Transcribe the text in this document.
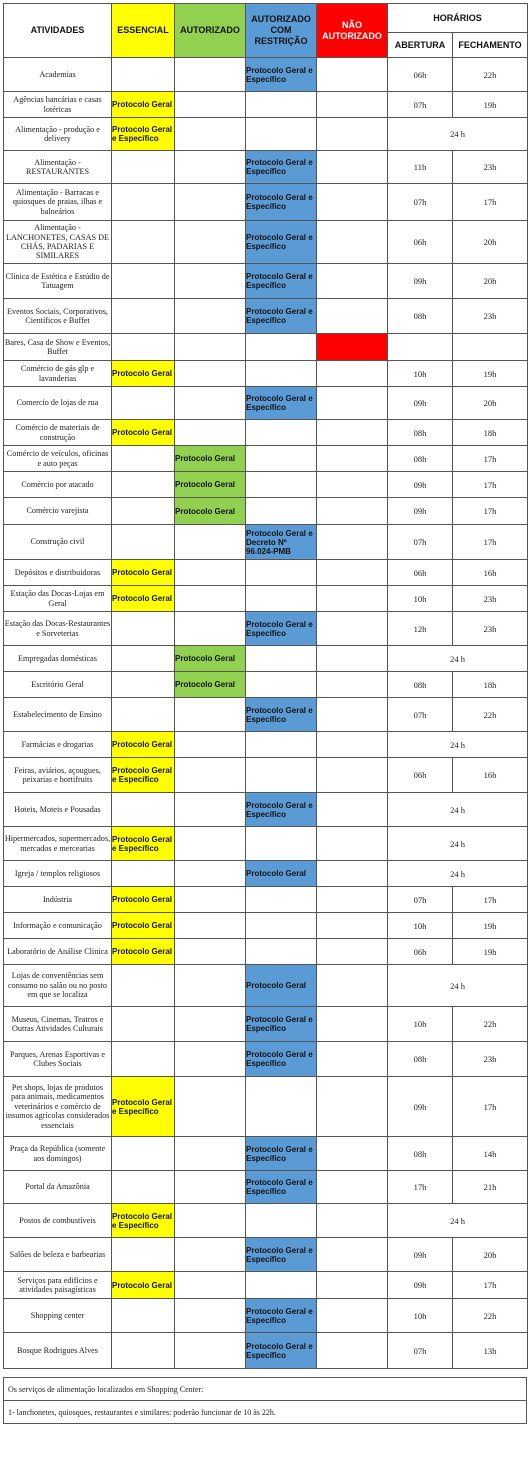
ATIVIDADES	ESSENCIAL	AUTORIZADO	AUTORIZADO COM RESTRIÇÃO	NÃO AUTORIZADO	HORÁRIOS	
					ABERTURA	FECHAMENTO
Academias			Protocolo Geral e Específico		06h	22h
Agências bancárias e casas lotéricas	Protocolo Geral				07h	19h
Alimentação - produção e delivery	Protocolo Geral e Específico				24 h	
Alimentação - RESTAURANTES			Protocolo Geral e Específico		11h	23h
Alimentação - Barracas e quiosques de praias, ilhas e balneários			Protocolo Geral e Específico		07h	17h
Alimentação - LANCHONETES, CASAS DE CHÁS, PADARIAS E SIMILARES			Protocolo Geral e Específico		06h	20h
Clínica de Estética e Estúdio de Tatuagem			Protocolo Geral e Específico		09h	20h
Eventos Sociais, Corporativos, Científicos e Buffet			Protocolo Geral e Específico		08h	23h
Bares, Casa de Show e Eventos, Buffet						
Comércio de gás glp e lavanderias	Protocolo Geral				10h	19h
Comercio de lojas de rua			Protocolo Geral e Específico		09h	20h
Comércio de materiais de construção	Protocolo Geral				08h	18h
Comércio de veículos, oficinas e auto peças		Protocolo Geral			08h	17h
Comércio por atacado		Protocolo Geral			09h	17h
Comércio varejista		Protocolo Geral			09h	17h
Construção civil			Protocolo Geral e Decreto Nº 96.024-PMB		07h	17h
Depósitos e distribuidoras	Protocolo Geral				06h	16h
Estação das Docas-Lojas em Geral	Protocolo Geral				10h	23h
Estação das Docas-Restaurantes e Sorveterias			Protocolo Geral e Específico		12h	23h
Empregadas domésticas		Protocolo Geral			24 h	
Escritório Geral		Protocolo Geral			08h	18h
Estabelecimento de Ensino			Protocolo Geral e Específico		07h	22h
Farmácias e drogarias	Protocolo Geral				24 h	
Feiras, aviários, açougues, peixarias e hortifruits	Protocolo Geral e Específico				06h	16h
Hoteis, Moteis e Pousadas			Protocolo Geral e Específico		24 h	
Hipermercados, supermercados, mercados e mercearias	Protocolo Geral e Específico				24 h	
Igreja / templos religiosos			Protocolo Geral		24 h	
Indústria	Protocolo Geral				07h	17h
Informação e comunicação	Protocolo Geral				10h	19h
Laboratório de Análise Clínica	Protocolo Geral				06h	19h
Lojas de conveniências sem consumo no salão ou no posto em que se localiza			Protocolo Geral		24 h	
Museus, Cinemas, Teatros e Outras Atividades Culturais			Protocolo Geral e Específico		10h	22h
Parques, Arenas Esportivas e Clubes Sociais			Protocolo Geral e Específico		08h	23h
Pet shops, lojas de produtos para animais, medicamentos veterinários e comércio de insumos agrícolas considerados essenciais	Protocolo Geral e Específico				09h	17h
Praça da República (somente aos domingos)			Protocolo Geral e Específico		08h	14h
Portal da Amazônia			Protocolo Geral e Específico		17h	21h
Postos de combustíveis	Protocolo Geral e Específico				24 h	
Salões de beleza e barbearias			Protocolo Geral e Específico		09h	20h
Serviços para edificios e atividades paisagísticas	Protocolo Geral				09h	17h
Shopping center			Protocolo Geral e Específico		10h	22h
Bosque Rodrigues Alves			Protocolo Geral e Específico		07h	13h
Os serviços de alimentação localizados em Shopping Center:
1- lanchonetes, quiosques, restaurantes e similares: poderão funcionar de 10 às 22h.
